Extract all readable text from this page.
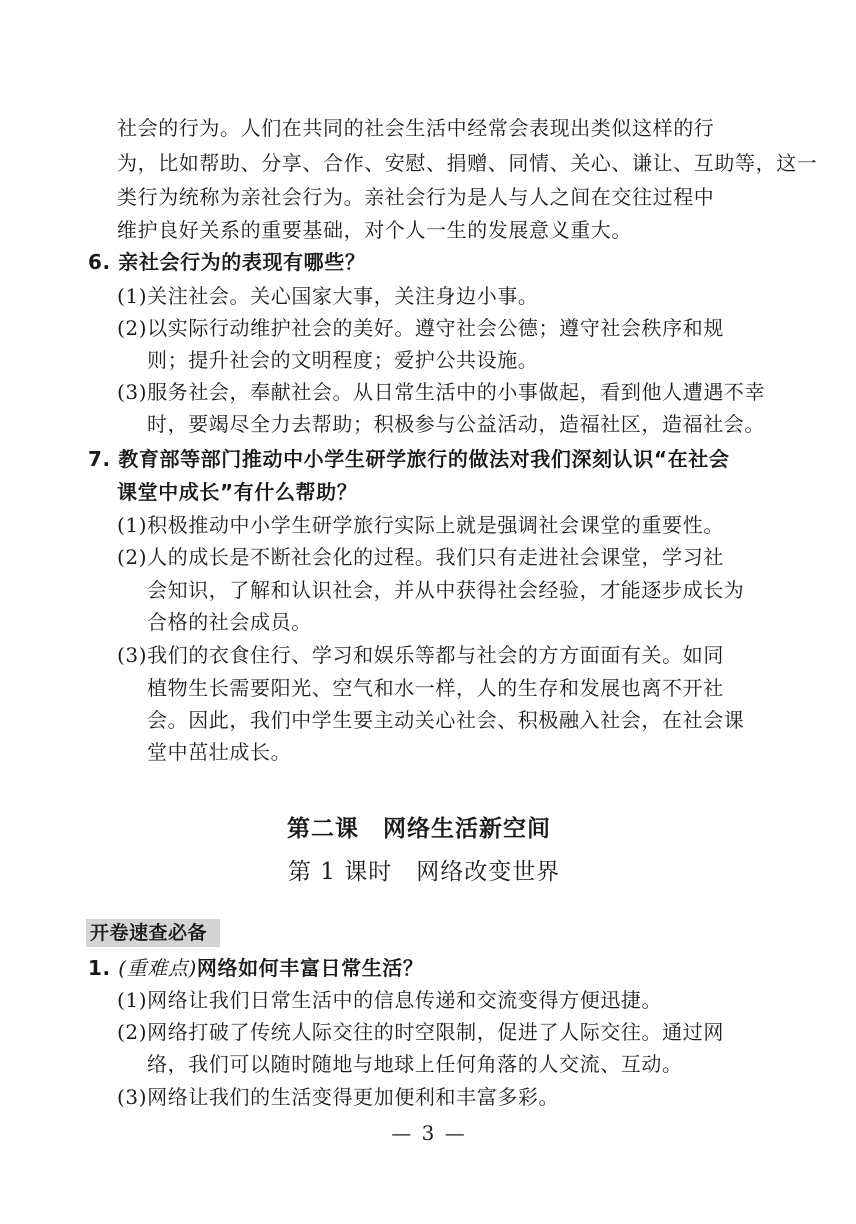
社会的行为。人们在共同的社会生活中经常会表现出类似这样的行
为，比如帮助、分享、合作、安慰、捐赠、同情、关心、谦让、互助等，这一
类行为统称为亲社会行为。亲社会行为是人与人之间在交往过程中
维护良好关系的重要基础，对个人一生的发展意义重大。
6. 亲社会行为的表现有哪些？
(1)关注社会。关心国家大事，关注身边小事。
(2)以实际行动维护社会的美好。遵守社会公德；遵守社会秩序和规
则；提升社会的文明程度；爱护公共设施。
(3)服务社会，奉献社会。从日常生活中的小事做起，看到他人遭遇不幸
时，要竭尽全力去帮助；积极参与公益活动，造福社区，造福社会。
7. 教育部等部门推动中小学生研学旅行的做法对我们深刻认识“在社会
课堂中成长”有什么帮助？
(1)积极推动中小学生研学旅行实际上就是强调社会课堂的重要性。
(2)人的成长是不断社会化的过程。我们只有走进社会课堂，学习社
会知识，了解和认识社会，并从中获得社会经验，才能逐步成长为
合格的社会成员。
(3)我们的衣食住行、学习和娱乐等都与社会的方方面面有关。如同
植物生长需要阳光、空气和水一样，人的生存和发展也离不开社
会。因此，我们中学生要主动关心社会、积极融入社会，在社会课
堂中茁壮成长。
第二课　网络生活新空间
第 1 课时　网络改变世界
开卷速查必备
1. (重难点)网络如何丰富日常生活？
(1)网络让我们日常生活中的信息传递和交流变得方便迅捷。
(2)网络打破了传统人际交往的时空限制，促进了人际交往。通过网
络，我们可以随时随地与地球上任何角落的人交流、互动。
(3)网络让我们的生活变得更加便利和丰富多彩。
— 3 —
